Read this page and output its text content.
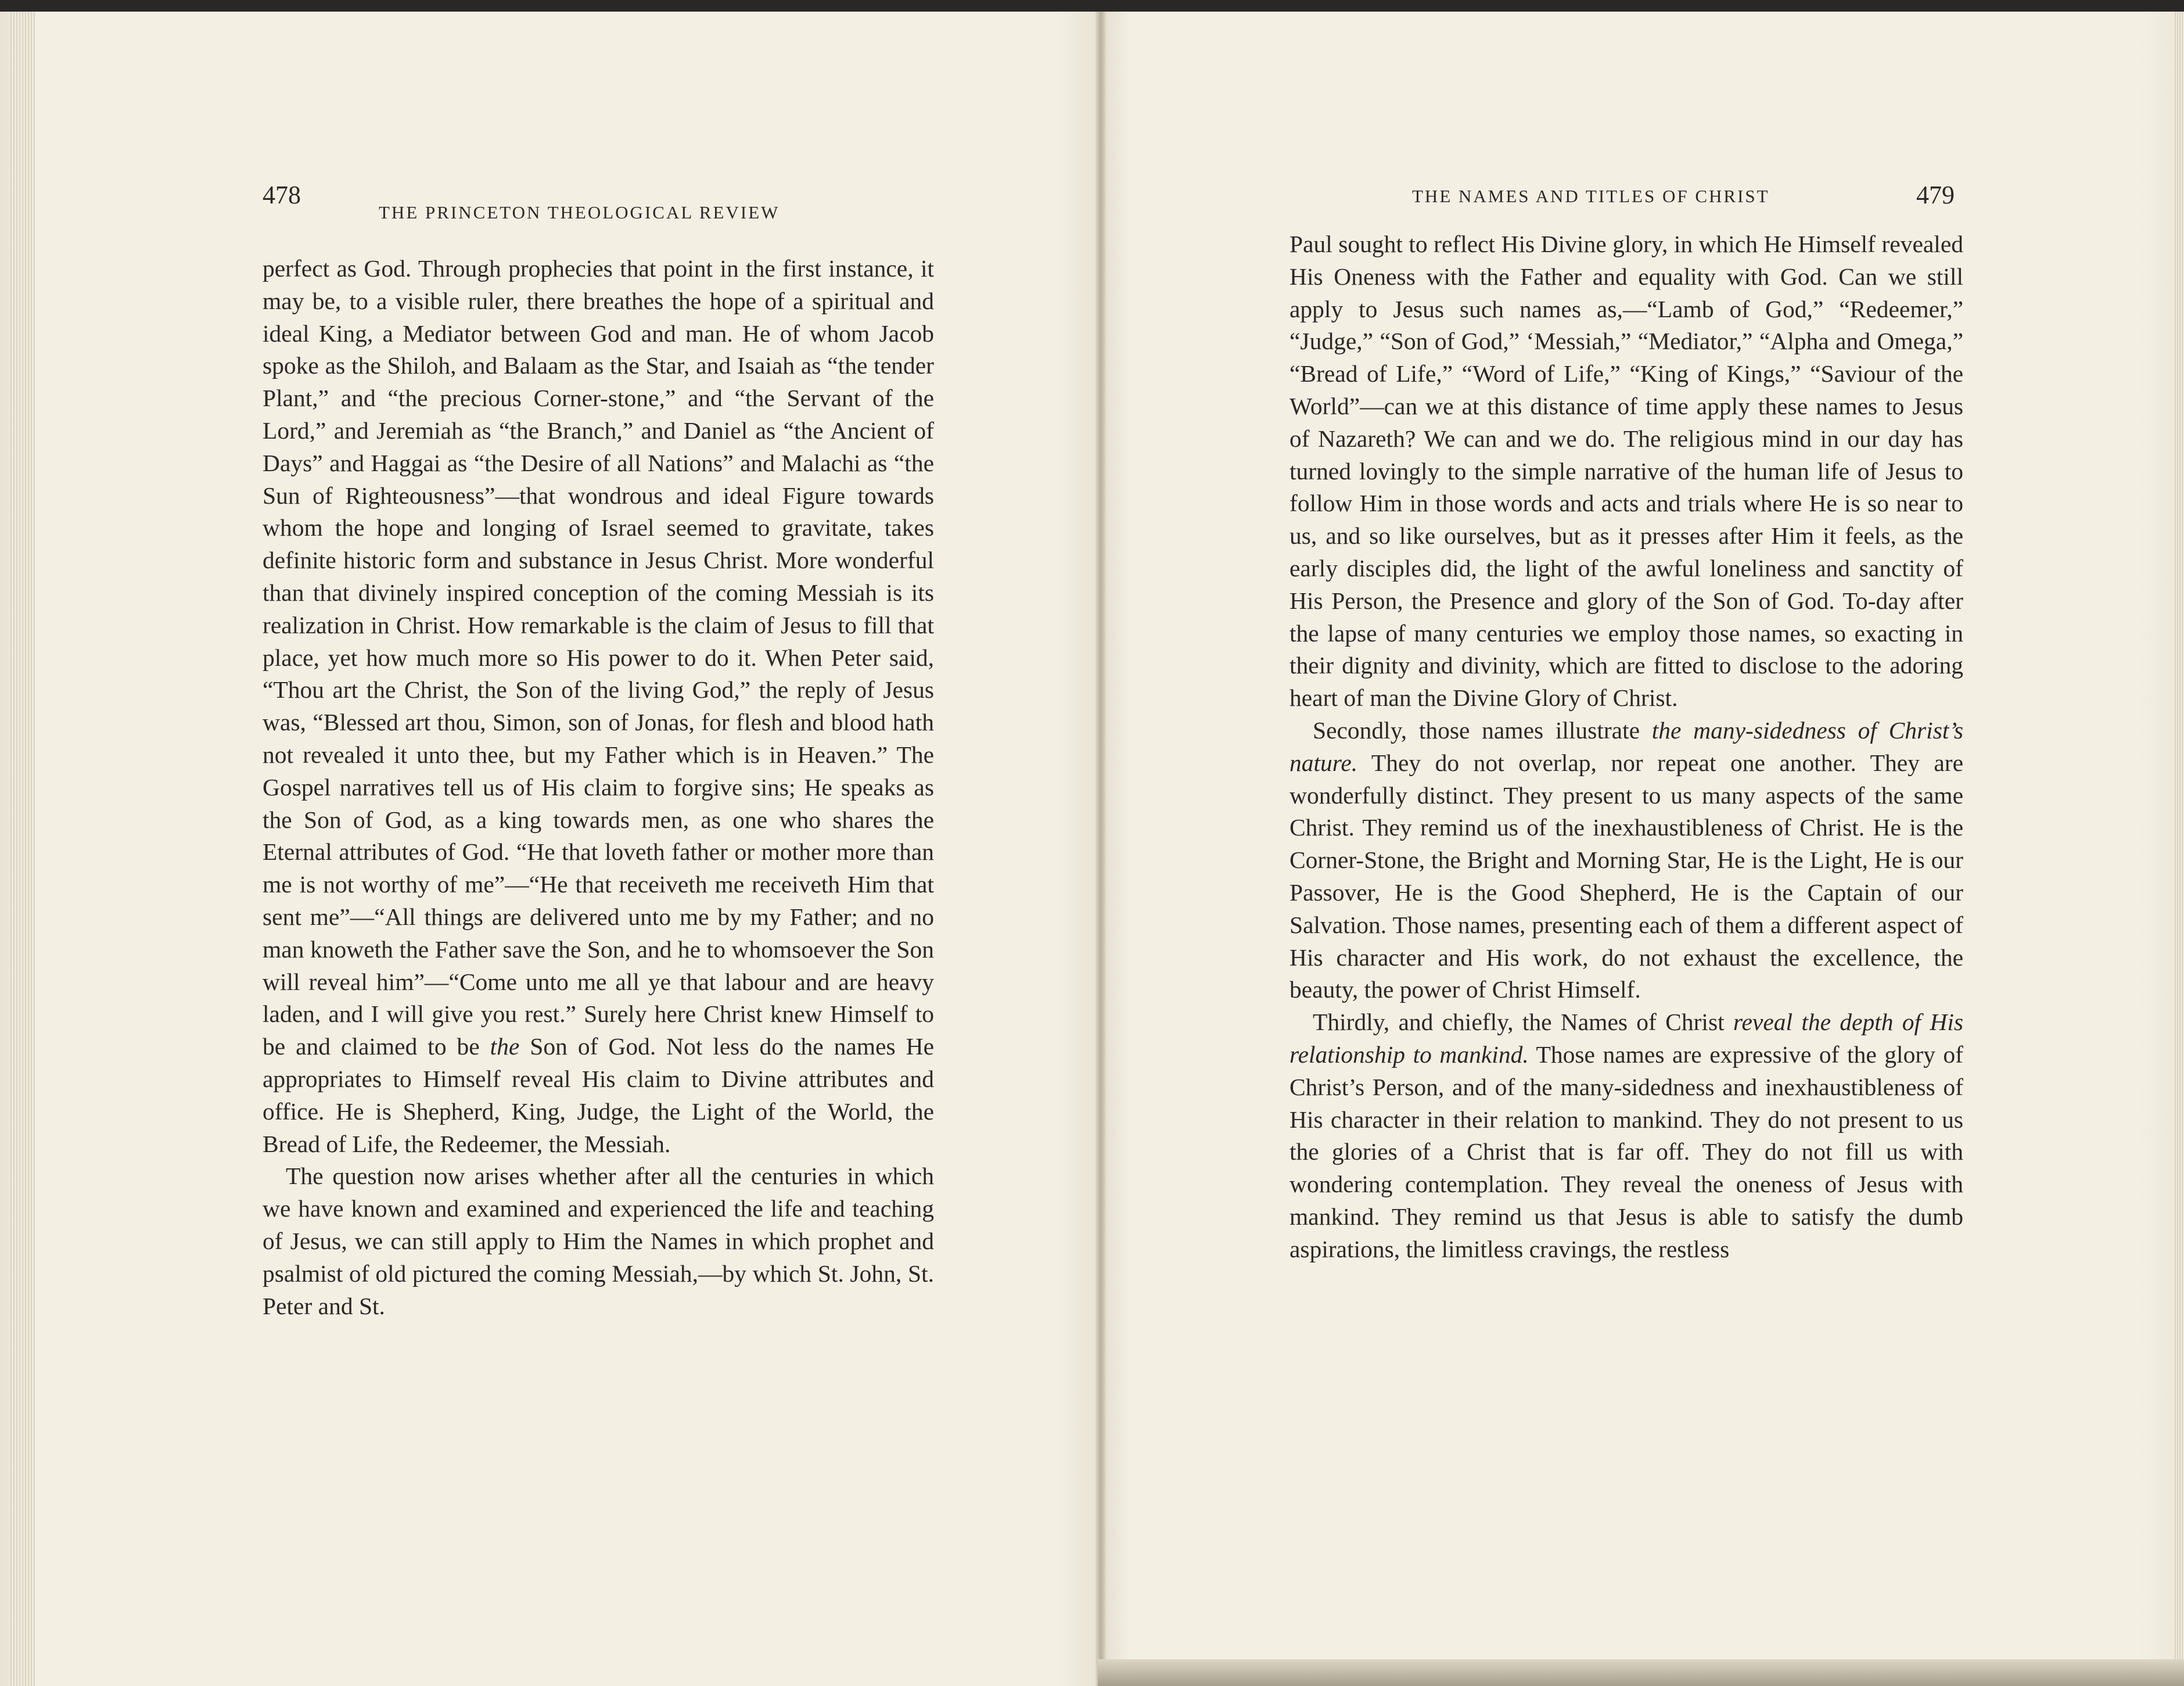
478
THE PRINCETON THEOLOGICAL REVIEW

perfect as God. Through prophecies that point in the first instance, it may be, to a visible ruler, there breathes the hope of a spiritual and ideal King, a Mediator between God and man. He of whom Jacob spoke as the Shiloh, and Balaam as the Star, and Isaiah as “the tender Plant,” and “the precious Corner-stone,” and “the Servant of the Lord,” and Jeremiah as “the Branch,” and Daniel as “the Ancient of Days” and Haggai as “the Desire of all Nations” and Malachi as “the Sun of Righteousness”—that wondrous and ideal Figure towards whom the hope and longing of Israel seemed to gravitate, takes definite historic form and substance in Jesus Christ. More wonderful than that divinely inspired conception of the coming Messiah is its realization in Christ. How remarkable is the claim of Jesus to fill that place, yet how much more so His power to do it. When Peter said, “Thou art the Christ, the Son of the living God,” the reply of Jesus was, “Blessed art thou, Simon, son of Jonas, for flesh and blood hath not revealed it unto thee, but my Father which is in Heaven.” The Gospel narratives tell us of His claim to forgive sins; He speaks as the Son of God, as a king towards men, as one who shares the Eternal attributes of God. “He that loveth father or mother more than me is not worthy of me”—“He that receiveth me receiveth Him that sent me”—“All things are delivered unto me by my Father; and no man knoweth the Father save the Son, and he to whomsoever the Son will reveal him”—“Come unto me all ye that labour and are heavy laden, and I will give you rest.” Surely here Christ knew Himself to be and claimed to be the Son of God. Not less do the names He appropriates to Himself reveal His claim to Divine attributes and office. He is Shepherd, King, Judge, the Light of the World, the Bread of Life, the Redeemer, the Messiah.

The question now arises whether after all the centuries in which we have known and examined and experienced the life and teaching of Jesus, we can still apply to Him the Names in which prophet and psalmist of old pictured the coming Messiah,—by which St. John, St. Peter and St.

THE NAMES AND TITLES OF CHRIST	479

Paul sought to reflect His Divine glory, in which He Himself revealed His Oneness with the Father and equality with God. Can we still apply to Jesus such names as,—“Lamb of God,” “Redeemer,” “Judge,” “Son of God,” ‘Messiah,” “Mediator,” “Alpha and Omega,” “Bread of Life,” “Word of Life,” “King of Kings,” “Saviour of the World”—can we at this distance of time apply these names to Jesus of Nazareth? We can and we do. The religious mind in our day has turned lovingly to the simple narrative of the human life of Jesus to follow Him in those words and acts and trials where He is so near to us, and so like ourselves, but as it presses after Him it feels, as the early disciples did, the light of the awful loneliness and sanctity of His Person, the Presence and glory of the Son of God. To-day after the lapse of many centuries we employ those names, so exacting in their dignity and divinity, which are fitted to disclose to the adoring heart of man the Divine Glory of Christ.

Secondly, those names illustrate the many-sidedness of Christ’s nature. They do not overlap, nor repeat one another. They are wonderfully distinct. They present to us many aspects of the same Christ. They remind us of the inexhaustibleness of Christ. He is the Corner-Stone, the Bright and Morning Star, He is the Light, He is our Passover, He is the Good Shepherd, He is the Captain of our Salvation. Those names, presenting each of them a different aspect of His character and His work, do not exhaust the excellence, the beauty, the power of Christ Himself.

Thirdly, and chiefly, the Names of Christ reveal the depth of His relationship to mankind. Those names are expressive of the glory of Christ’s Person, and of the many-sidedness and inexhaustibleness of His character in their relation to mankind. They do not present to us the glories of a Christ that is far off. They do not fill us with wondering contemplation. They reveal the oneness of Jesus with mankind. They remind us that Jesus is able to satisfy the dumb aspirations, the limitless cravings, the restless
